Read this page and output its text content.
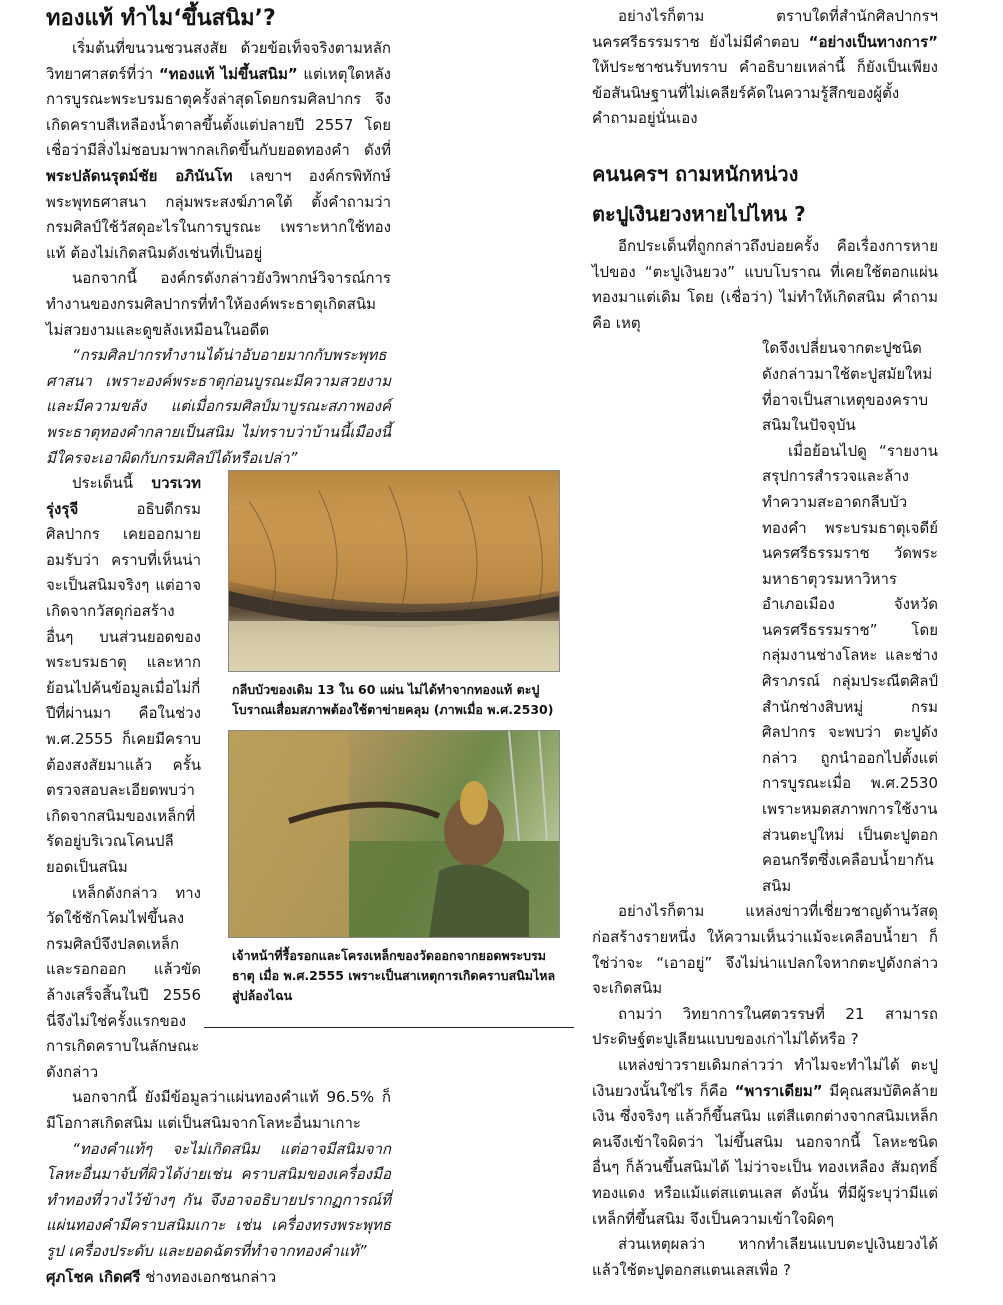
ทองแท้ ทำไม‘ขึ้นสนิม’?

เริ่มต้นที่ขนวนชวนสงสัย ด้วยข้อเท็จจริงตามหลักวิทยาศาสตร์ที่ว่า “ทองแท้ ไม่ขึ้นสนิม” แต่เหตุใดหลังการบูรณะพระบรมธาตุครั้งล่าสุดโดยกรมศิลปากร จึงเกิดคราบสีเหลืองน้ำตาลขึ้นตั้งแต่ปลายปี 2557 โดยเชื่อว่ามีสิ่งไม่ชอบมาพากลเกิดขึ้นกับยอดทองคำ ดังที่ พระปลัดนรุตม์ชัย อภินันโท เลขาฯ องค์กรพิทักษ์พระพุทธศาสนา กลุ่มพระสงฆ์ภาคใต้ ตั้งคำถามว่า กรมศิลป์ใช้วัสดุอะไรในการบูรณะ เพราะหากใช้ทองแท้ ต้องไม่เกิดสนิมดังเช่นที่เป็นอยู่

นอกจากนี้ องค์กรดังกล่าวยังวิพากษ์วิจารณ์การทำงานของกรมศิลปากรที่ทำให้องค์พระธาตุเกิดสนิม ไม่สวยงามและดูขลังเหมือนในอดีต

“กรมศิลปากรทำงานได้น่าอับอายมากกับพระพุทธศาสนา เพราะองค์พระธาตุก่อนบูรณะมีความสวยงามและมีความขลัง แต่เมื่อกรมศิลป์มาบูรณะสภาพองค์พระธาตุทองคำกลายเป็นสนิม ไม่ทราบว่าบ้านนี้เมืองนี้มีใครจะเอาผิดกับกรมศิลป์ได้หรือเปล่า”

ประเด็นนี้ บวรเวท รุ่งรุจี อธิบดีกรมศิลปากร เคยออกมายอมรับว่า คราบที่เห็นน่าจะเป็นสนิมจริงๆ แต่อาจเกิดจากวัสดุก่อสร้างอื่นๆ บนส่วนยอดของพระบรมธาตุ และหากย้อนไปค้นข้อมูลเมื่อไม่กี่ปีที่ผ่านมา คือในช่วง พ.ศ.2555 ก็เคยมีคราบต้องสงสัยมาแล้ว ครั้นตรวจสอบละเอียดพบว่า เกิดจากสนิมของเหล็กที่รัดอยู่บริเวณโคนปลียอดเป็นสนิม

เหล็กดังกล่าว ทางวัดใช้ชักโคมไฟขึ้นลง กรมศิลป์จึงปลดเหล็กและรอกออก แล้วขัดล้างเสร็จสิ้นในปี 2556 นี่จึงไม่ใช่ครั้งแรกของการเกิดคราบในลักษณะดังกล่าว

นอกจากนี้ ยังมีข้อมูลว่าแผ่นทองคำแท้ 96.5% ก็มีโอกาสเกิดสนิม แต่เป็นสนิมจากโลหะอื่นมาเกาะ

“ทองคำแท้ๆ จะไม่เกิดสนิม แต่อาจมีสนิมจากโลหะอื่นมาจับที่ผิวได้ง่ายเช่น คราบสนิมของเครื่องมือทำทองที่วางไว้ข้างๆ กัน จึงอาจอธิบายปรากฏการณ์ที่แผ่นทองคำมีคราบสนิมเกาะ เช่น เครื่องทรงพระพุทธรูป เครื่องประดับ และยอดฉัตรที่ทำจากทองคำแท้”

ศุภโชค เกิดศรี ช่างทองเอกชนกล่าว

กลีบบัวของเดิม 13 ใน 60 แผ่น ไม่ได้ทำจากทองแท้ ตะปูโบราณเสื่อมสภาพต้องใช้ตาข่ายคลุม (ภาพเมื่อ พ.ศ.2530)
เจ้าหน้าที่รื้อรอกและโครงเหล็กของวัดออกจากยอดพระบรมธาตุ เมื่อ พ.ศ.2555 เพราะเป็นสาเหตุการเกิดคราบสนิมไหลสู่ปล้องไฉน

อย่างไรก็ตาม ตราบใดที่สำนักศิลปากรฯ นครศรีธรรมราช ยังไม่มีคำตอบ “อย่างเป็นทางการ” ให้ประชาชนรับทราบ คำอธิบายเหล่านี้ ก็ยังเป็นเพียงข้อสันนิษฐานที่ไม่เคลียร์คัดในความรู้สึกของผู้ตั้งคำถามอยู่นั่นเอง

คนนครฯ ถามหนักหน่วง
ตะปูเงินยวงหายไปไหน ?

อีกประเด็นที่ถูกกล่าวถึงบ่อยครั้ง คือเรื่องการหายไปของ “ตะปูเงินยวง” แบบโบราณ ที่เคยใช้ตอกแผ่นทองมาแต่เดิม โดย (เชื่อว่า) ไม่ทำให้เกิดสนิม คำถามคือ เหตุ

ใดจึงเปลี่ยนจากตะปูชนิดดังกล่าวมาใช้ตะปูสมัยใหม่ที่อาจเป็นสาเหตุของคราบสนิมในปัจจุบัน

เมื่อย้อนไปดู “รายงานสรุปการสำรวจและล้างทำความสะอาดกลีบบัวทองคำ พระบรมธาตุเจดีย์นครศรีธรรมราช วัดพระมหาธาตุวรมหาวิหาร อำเภอเมือง จังหวัดนครศรีธรรมราช” โดย กลุ่มงานช่างโลหะ และช่างศิราภรณ์ กลุ่มประณีตศิลป์ สำนักช่างสิบหมู่ กรมศิลปากร จะพบว่า ตะปูดังกล่าว ถูกนำออกไปตั้งแต่การบูรณะเมื่อ พ.ศ.2530 เพราะหมดสภาพการใช้งาน ส่วนตะปูใหม่ เป็นตะปูตอกคอนกรีตซึ่งเคลือบน้ำยากันสนิม

อย่างไรก็ตาม แหล่งข่าวที่เชี่ยวชาญด้านวัสดุก่อสร้างรายหนึ่ง ให้ความเห็นว่าแม้จะเคลือบน้ำยา ก็ใช่ว่าจะ “เอาอยู่” จึงไม่น่าแปลกใจหากตะปูดังกล่าวจะเกิดสนิม

ถามว่า วิทยาการในศตวรรษที่ 21 สามารถประดิษฐ์ตะปูเลียนแบบของเก่าไม่ได้หรือ ?

แหล่งข่าวรายเดิมกล่าวว่า ทำไมจะทำไม่ได้ ตะปูเงินยวงนั้นใช่ไร ก็คือ “พาราเดียม” มีคุณสมบัติคล้ายเงิน ซึ่งจริงๆ แล้วก็ขึ้นสนิม แต่สีแตกต่างจากสนิมเหล็ก คนจึงเข้าใจผิดว่า ไม่ขึ้นสนิม นอกจากนี้ โลหะชนิดอื่นๆ ก็ล้วนขึ้นสนิมได้ ไม่ว่าจะเป็น ทองเหลือง สัมฤทธิ์ ทองแดง หรือแม้แต่สแตนเลส ดังนั้น ที่มีผู้ระบุว่ามีแต่เหล็กที่ขึ้นสนิม จึงเป็นความเข้าใจผิดๆ

ส่วนเหตุผลว่า หากทำเลียนแบบตะปูเงินยวงได้ แล้วใช้ตะปูตอกสแตนเลสเพื่อ ?
